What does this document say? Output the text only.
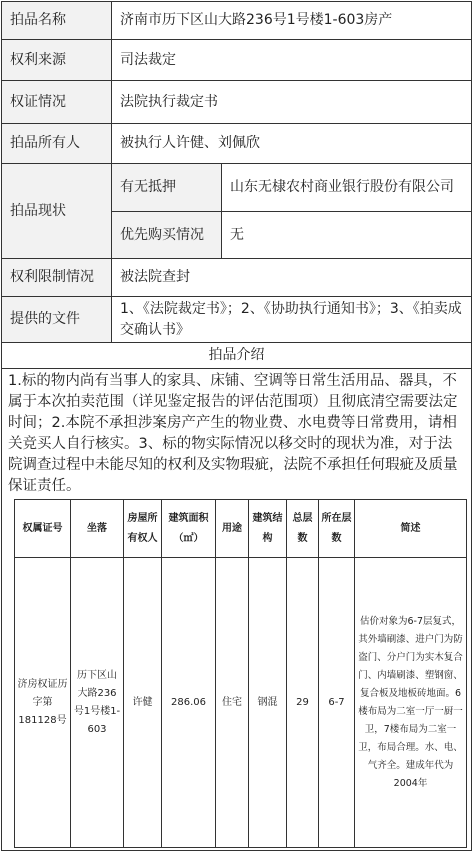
拍品名称	济南市历下区山大路236号1号楼1-603房产
权利来源	司法裁定
权证情况	法院执行裁定书
拍品所有人	被执行人许健、刘佩欣
拍品现状	有无抵押	山东无棣农村商业银行股份有限公司
优先购买情况	无
权利限制情况	被法院查封
提供的文件	1、《法院裁定书》；2、《协助执行通知书》；3、《拍卖成交确认书》
拍品介绍

1.标的物内尚有当事人的家具、床铺、空调等日常生活用品、器具，不属于本次拍卖范围（详见鉴定报告的评估范围项）且彻底清空需要法定时间；2.本院不承担涉案房产产生的物业费、水电费等日常费用，请相关竞买人自行核实。3、标的物实际情况以移交时的现状为准，对于法院调查过程中未能尽知的权利及实物瑕疵，法院不承担任何瑕疵及质量保证责任。
权属证号	坐落	房屋所有权人	建筑面积（㎡）	用途	建筑结构	总层数	所在层数	简述
济房权证历字第181128号	历下区山大路236号1号楼1-603	许健	286.06	住宅	钢混	29	6-7	估价对象为6-7层复式，其外墙刷漆、进户门为防盗门、分户门为实木复合门、内墙刷漆、塑钢窗、复合板及地板砖地面。6楼布局为二室一厅一厨一卫，7楼布局为二室一卫，布局合理。水、电、气齐全。建成年代为2004年
